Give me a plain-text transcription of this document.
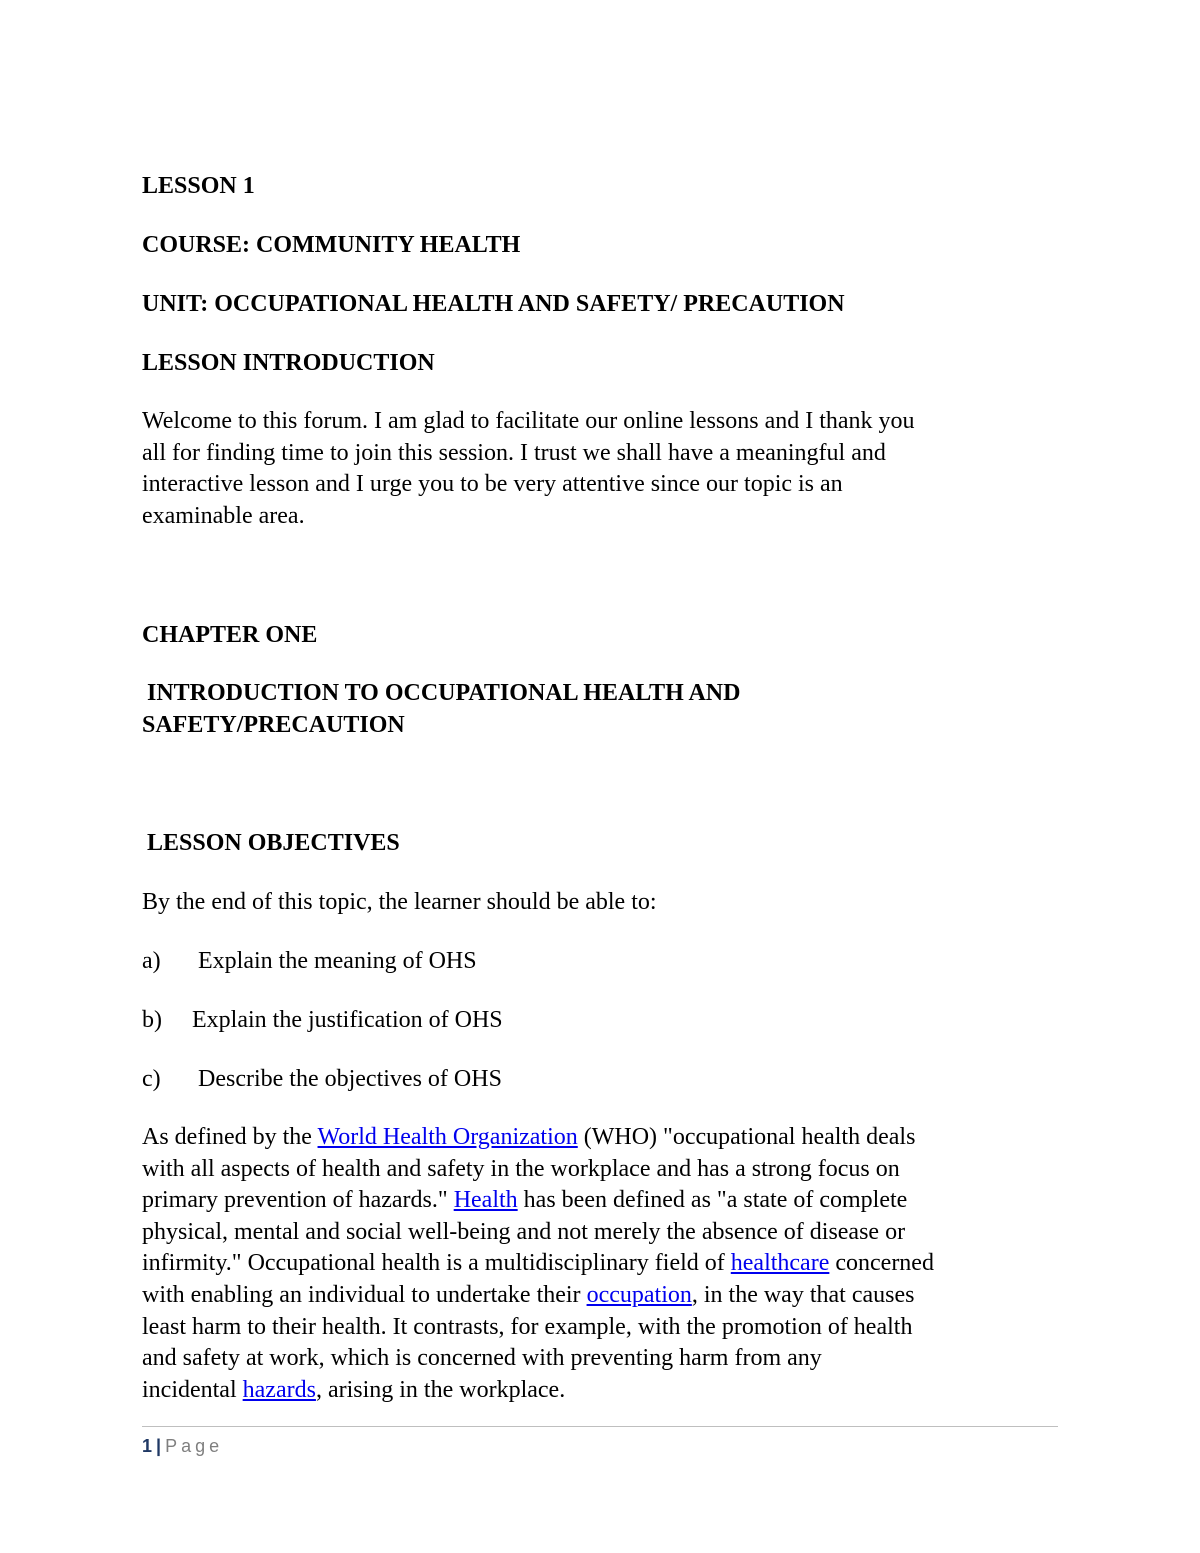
LESSON 1
COURSE: COMMUNITY HEALTH
UNIT: OCCUPATIONAL HEALTH AND SAFETY/ PRECAUTION
LESSON INTRODUCTION
Welcome to this forum. I am glad to facilitate our online lessons and I thank you
all for finding time to join this session. I trust we shall have a meaningful and
interactive lesson and I urge you to be very attentive since our topic is an
examinable area.
CHAPTER ONE
INTRODUCTION TO OCCUPATIONAL HEALTH AND
SAFETY/PRECAUTION
LESSON OBJECTIVES
By the end of this topic, the learner should be able to:
a) Explain the meaning of OHS
b) Explain the justification of OHS
c) Describe the objectives of OHS
As defined by the World Health Organization (WHO) "occupational health deals
with all aspects of health and safety in the workplace and has a strong focus on
primary prevention of hazards." Health has been defined as "a state of complete
physical, mental and social well-being and not merely the absence of disease or
infirmity." Occupational health is a multidisciplinary field of healthcare concerned
with enabling an individual to undertake their occupation, in the way that causes
least harm to their health. It contrasts, for example, with the promotion of health
and safety at work, which is concerned with preventing harm from any
incidental hazards, arising in the workplace.
1 | Page
